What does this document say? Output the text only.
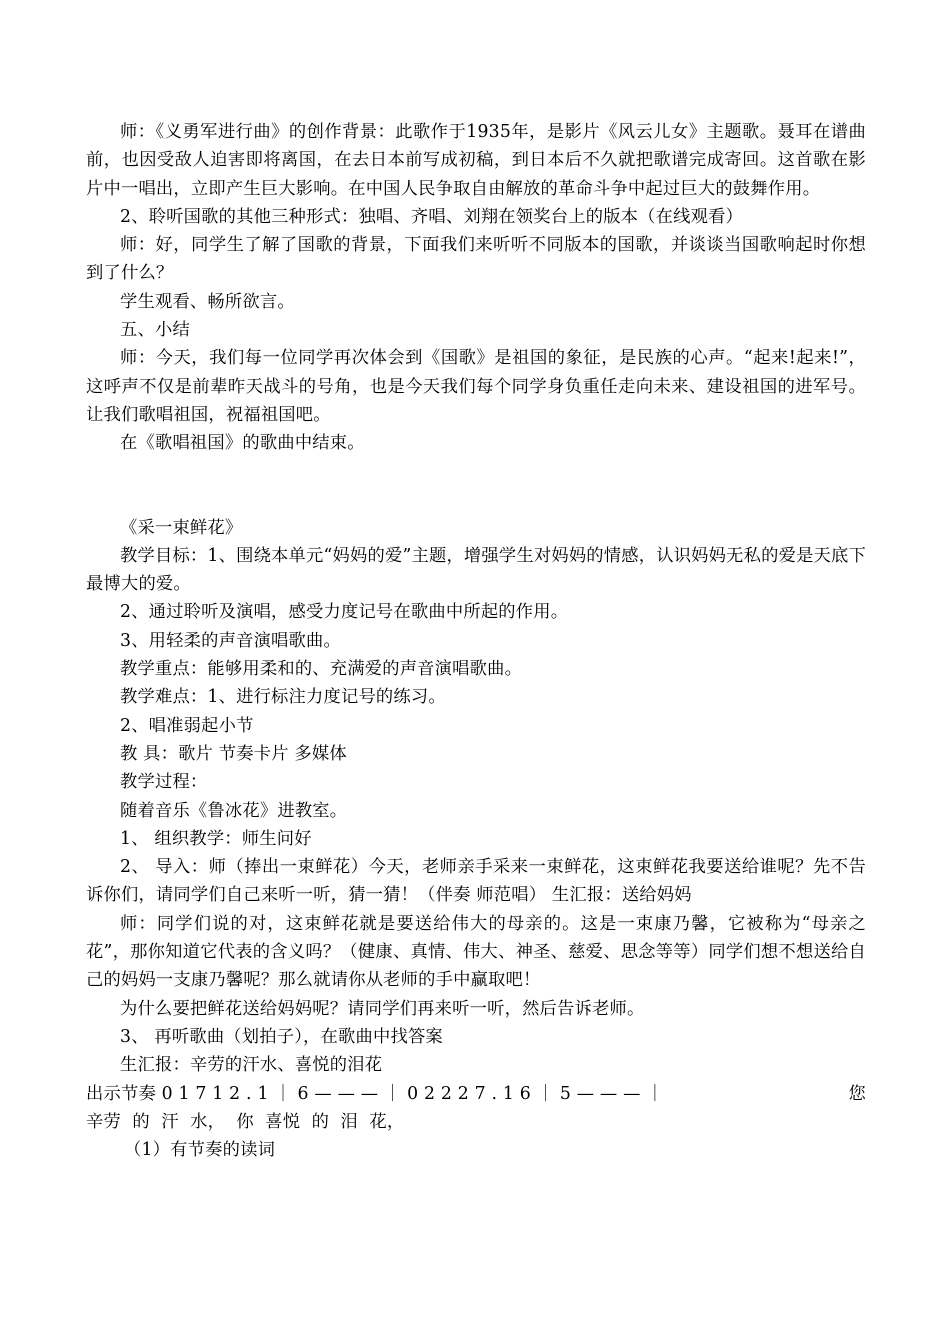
师：《义勇军进行曲》的创作背景：此歌作于1935年，是影片《风云儿女》主题歌。聂耳在谱曲前，也因受敌人迫害即将离国，在去日本前写成初稿，到日本后不久就把歌谱完成寄回。这首歌在影片中一唱出，立即产生巨大影响。在中国人民争取自由解放的革命斗争中起过巨大的鼓舞作用。

2、聆听国歌的其他三种形式：独唱、齐唱、刘翔在领奖台上的版本（在线观看）

师：好，同学生了解了国歌的背景，下面我们来听听不同版本的国歌，并谈谈当国歌响起时你想到了什么？

学生观看、畅所欲言。

五、小结

师：今天，我们每一位同学再次体会到《国歌》是祖国的象征，是民族的心声。“起来!起来!”，这呼声不仅是前辈昨天战斗的号角，也是今天我们每个同学身负重任走向未来、建设祖国的进军号。让我们歌唱祖国，祝福祖国吧。

在《歌唱祖国》的歌曲中结束。

《采一束鲜花》

教学目标：1、围绕本单元“妈妈的爱”主题，增强学生对妈妈的情感，认识妈妈无私的爱是天底下最博大的爱。

2、通过聆听及演唱，感受力度记号在歌曲中所起的作用。

3、用轻柔的声音演唱歌曲。

教学重点：能够用柔和的、充满爱的声音演唱歌曲。

教学难点：1、进行标注力度记号的练习。

2、唱准弱起小节

教 具：歌片 节奏卡片 多媒体

教学过程：

随着音乐《鲁冰花》进教室。

1、 组织教学：师生问好

2、 导入：师（捧出一束鲜花）今天，老师亲手采来一束鲜花，这束鲜花我要送给谁呢？先不告诉你们，请同学们自己来听一听，猜一猜！（伴奏 师范唱） 生汇报：送给妈妈

师：同学们说的对，这束鲜花就是要送给伟大的母亲的。这是一束康乃馨，它被称为“母亲之花”，那你知道它代表的含义吗？（健康、真情、伟大、神圣、慈爱、思念等等）同学们想不想送给自己的妈妈一支康乃馨呢？那么就请你从老师的手中赢取吧！

为什么要把鲜花送给妈妈呢？请同学们再来听一听，然后告诉老师。

3、 再听歌曲（划拍子），在歌曲中找答案

生汇报：辛劳的汗水、喜悦的泪花

出示节奏 0 1 7 1 2 . 1 ｜ 6 — — — ｜ 0 2 2 2 7 . 1 6 ｜ 5 — — — ｜	您
辛劳  的  汗  水，  你  喜悦  的  泪  花，

（1）有节奏的读词
